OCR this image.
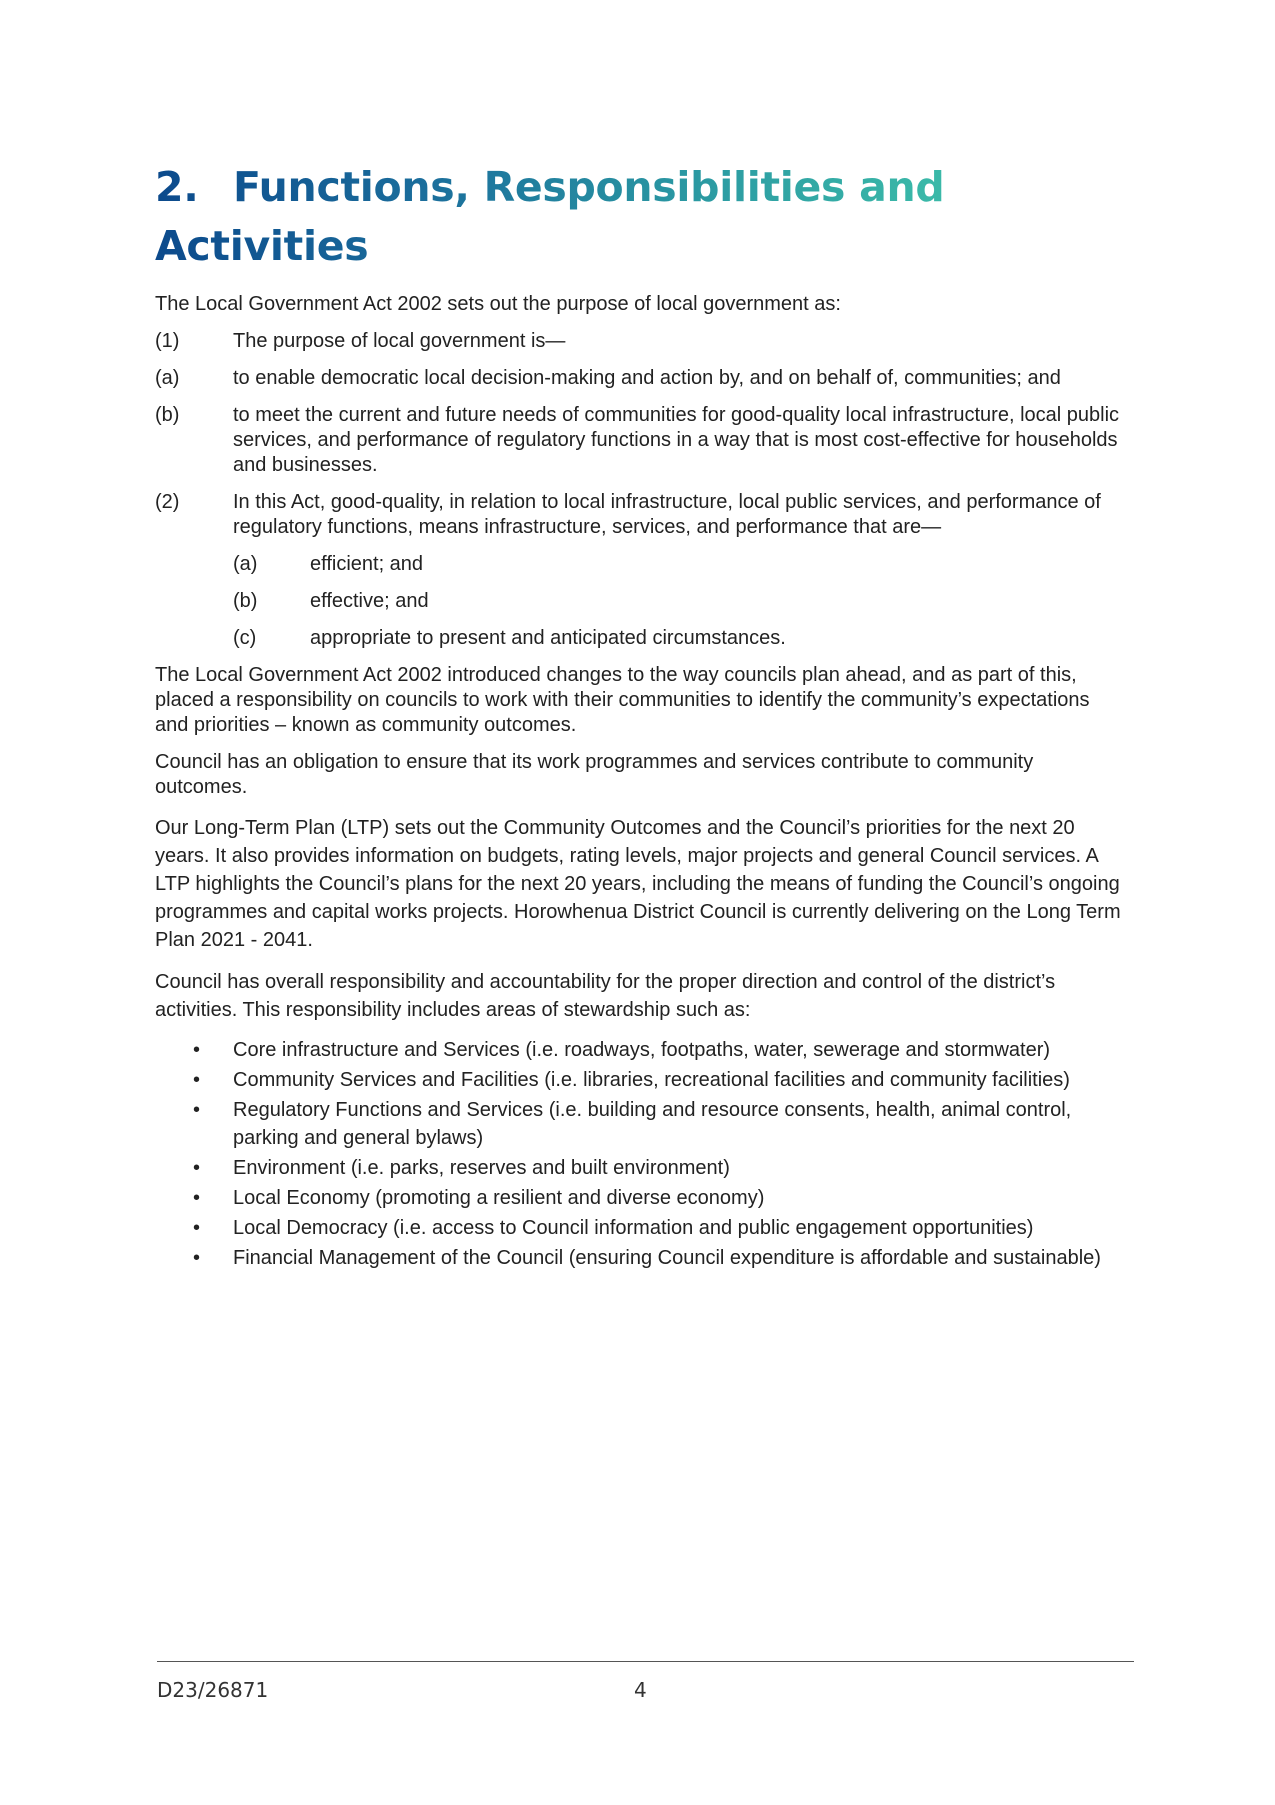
2. Functions, Responsibilities and
Activities

The Local Government Act 2002 sets out the purpose of local government as:

(1)	The purpose of local government is—
(a)	to enable democratic local decision-making and action by, and on behalf of, communities; and
(b)	to meet the current and future needs of communities for good-quality local infrastructure, local public services, and performance of regulatory functions in a way that is most cost-effective for households and businesses.
(2)	In this Act, good-quality, in relation to local infrastructure, local public services, and performance of regulatory functions, means infrastructure, services, and performance that are—
(a)	efficient; and
(b)	effective; and
(c)	appropriate to present and anticipated circumstances.

The Local Government Act 2002 introduced changes to the way councils plan ahead, and as part of this, placed a responsibility on councils to work with their communities to identify the community’s expectations and priorities – known as community outcomes.

Council has an obligation to ensure that its work programmes and services contribute to community outcomes.

Our Long-Term Plan (LTP) sets out the Community Outcomes and the Council’s priorities for the next 20 years. It also provides information on budgets, rating levels, major projects and general Council services. A LTP highlights the Council’s plans for the next 20 years, including the means of funding the Council’s ongoing programmes and capital works projects. Horowhenua District Council is currently delivering on the Long Term Plan 2021 - 2041.

Council has overall responsibility and accountability for the proper direction and control of the district’s activities. This responsibility includes areas of stewardship such as:

•	Core infrastructure and Services (i.e. roadways, footpaths, water, sewerage and stormwater)
•	Community Services and Facilities (i.e. libraries, recreational facilities and community facilities)
•	Regulatory Functions and Services (i.e. building and resource consents, health, animal control, parking and general bylaws)
•	Environment (i.e. parks, reserves and built environment)
•	Local Economy (promoting a resilient and diverse economy)
•	Local Democracy (i.e. access to Council information and public engagement opportunities)
•	Financial Management of the Council (ensuring Council expenditure is affordable and sustainable)
D23/26871	4
